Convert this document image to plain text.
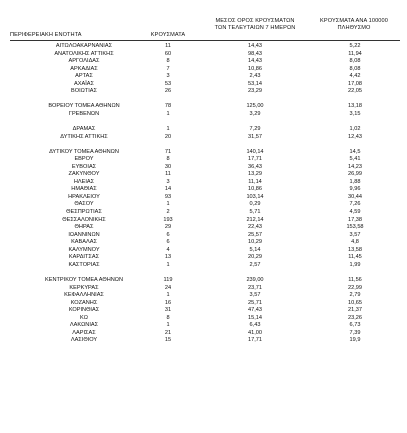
ΠΕΡΙΦΕΡΕΙΑΚΗ ΕΝΟΤΗΤΑ	ΚΡΟΥΣΜΑΤΑ
ΜΕΣΟΣ ΟΡΟΣ ΚΡΟΥΣΜΑΤΩΝ
ΤΩΝ ΤΕΛΕΥΤΑΙΩΝ 7 ΗΜΕΡΩΝ
ΚΡΟΥΣΜΑΤΑ ΑΝΑ 100000
ΠΛΗΘΥΣΜΟ
ΑΙΤΩΛΟΑΚΑΡΝΑΝΙΑΣ	11	14,43	5,22
ΑΝΑΤΟΛΙΚΗΣ ΑΤΤΙΚΗΣ	60	98,43	11,94
ΑΡΓΟΛΙΔΑΣ	8	14,43	8,08
ΑΡΚΑΔΙΑΣ	7	10,86	8,08
ΑΡΤΑΣ	3	2,43	4,42
ΑΧΑΪΑΣ	53	53,14	17,08
ΒΟΙΩΤΙΑΣ	26	23,29	22,05
ΒΟΡΕΙΟΥ ΤΟΜΕΑ ΑΘΗΝΩΝ	78	125,00	13,18
ΓΡΕΒΕΝΩΝ	1	3,29	3,15
ΔΡΑΜΑΣ	1	7,29	1,02
ΔΥΤΙΚΗΣ ΑΤΤΙΚΗΣ	20	31,57	12,43
ΔΥΤΙΚΟΥ ΤΟΜΕΑ ΑΘΗΝΩΝ	71	140,14	14,5
ΕΒΡΟΥ	8	17,71	5,41
ΕΥΒΟΙΑΣ	30	36,43	14,23
ΖΑΚΥΝΘΟΥ	11	13,29	26,99
ΗΛΕΙΑΣ	3	11,14	1,88
ΗΜΑΘΙΑΣ	14	10,86	9,96
ΗΡΑΚΛΕΙΟΥ	93	103,14	30,44
ΘΑΣΟΥ	1	0,29	7,26
ΘΕΣΠΡΩΤΙΑΣ	2	5,71	4,59
ΘΕΣΣΑΛΟΝΙΚΗΣ	193	212,14	17,38
ΘΗΡΑΣ	29	22,43	153,58
ΙΩΑΝΝΙΝΩΝ	6	25,57	3,57
ΚΑΒΑΛΑΣ	6	10,29	4,8
ΚΑΛΥΜΝΟΥ	4	5,14	13,58
ΚΑΡΔΙΤΣΑΣ	13	20,29	11,45
ΚΑΣΤΟΡΙΑΣ	1	2,57	1,99
ΚΕΝΤΡΙΚΟΥ ΤΟΜΕΑ ΑΘΗΝΩΝ	119	239,00	11,56
ΚΕΡΚΥΡΑΣ	24	23,71	22,99
ΚΕΦΑΛΛΗΝΙΑΣ	1	3,57	2,79
ΚΟΖΑΝΗΣ	16	25,71	10,65
ΚΟΡΙΝΘΙΑΣ	31	47,43	21,37
ΚΩ	8	15,14	23,26
ΛΑΚΩΝΙΑΣ	1	6,43	6,73
ΛΑΡΙΣΑΣ	21	41,00	7,39
ΛΑΣΙΘΙΟΥ	15	17,71	19,9
